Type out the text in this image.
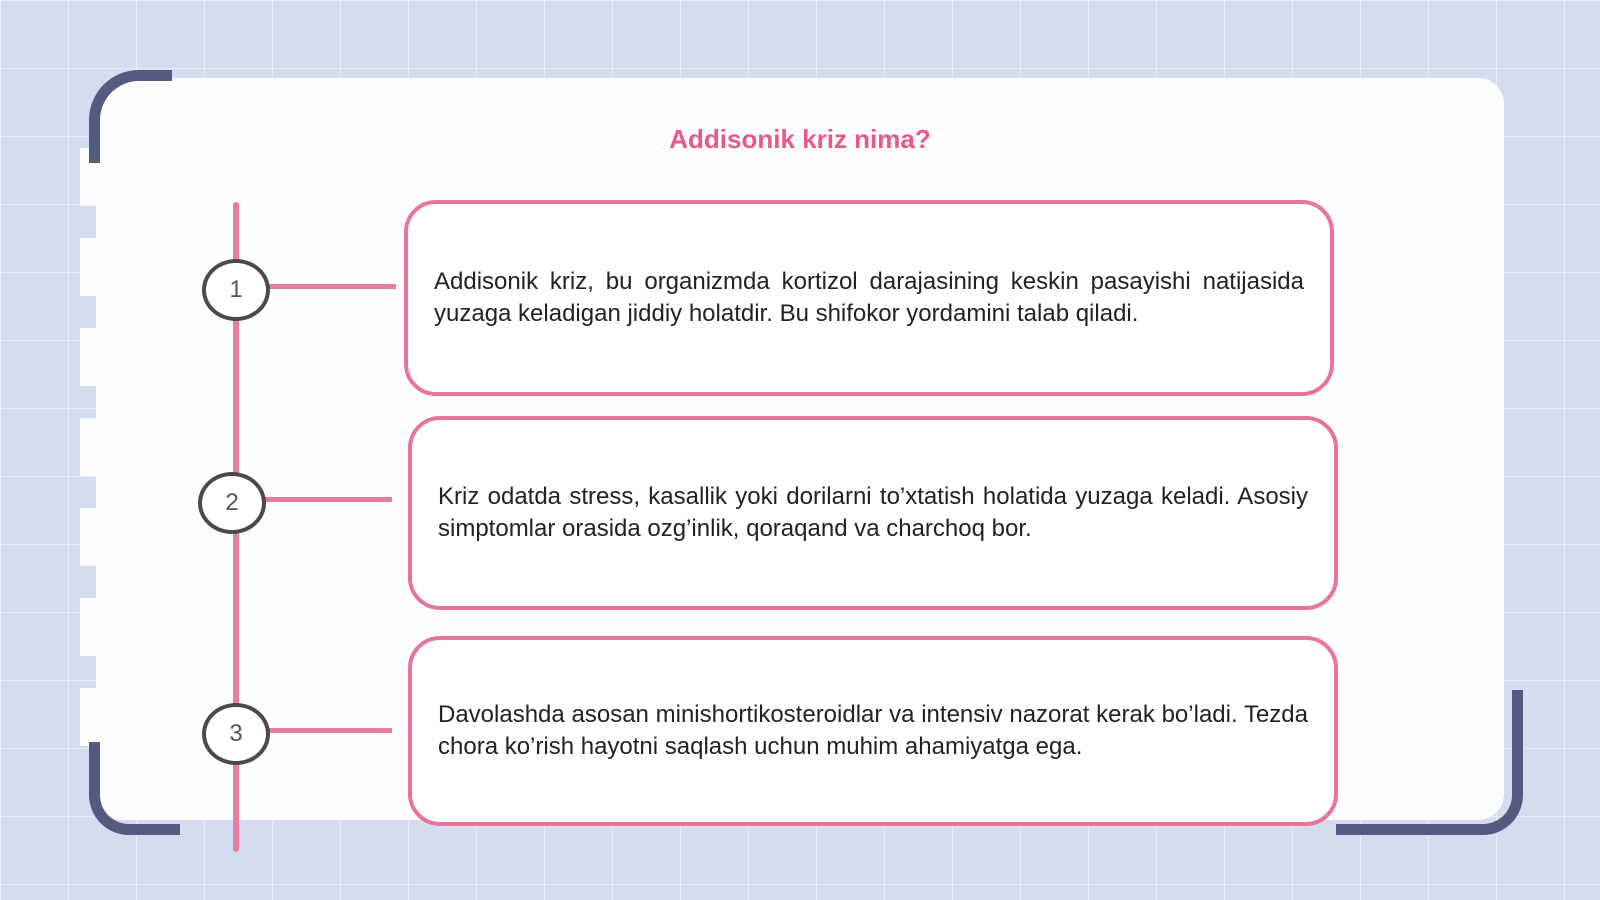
Addisonik kriz nima?
1	Addisonik kriz, bu organizmda kortizol darajasining keskin pasayishi natijasida yuzaga keladigan jiddiy holatdir. Bu shifokor yordamini talab qiladi.

2	Kriz odatda stress, kasallik yoki dorilarni to’xtatish holatida yuzaga keladi. Asosiy simptomlar orasida ozg’inlik, qoraqand va charchoq bor.

3

Davolashda asosan minishortikosteroidlar va intensiv nazorat kerak bo’ladi. Tezda chora ko’rish hayotni saqlash uchun muhim ahamiyatga ega.
